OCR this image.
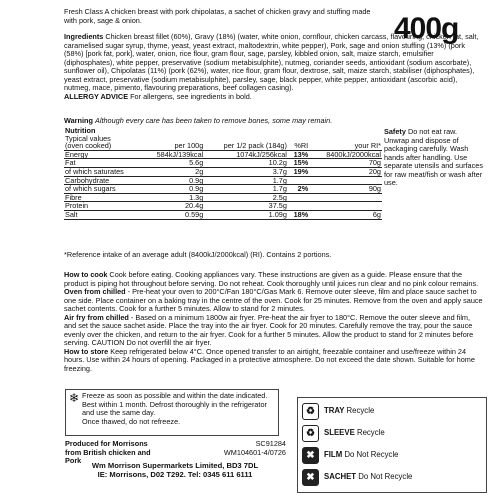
Fresh Class A chicken breast with pork chipolatas, a sachet of chicken gravy and stuffing made with pork, sage & onion.	400g
Ingredients Chicken breast fillet (60%), Gravy (18%) (water, white onion, cornflour, chicken carcass, flavouring, chicken fat, salt, caramelised sugar syrup, thyme, yeast, yeast extract, maltodextrin, white pepper), Pork, sage and onion stuffing (13%) (pork (58%) [pork fat, pork], water, onion, rice flour, gram flour, sage, parsley, kibbled onion, salt, maize starch, emulsifier (diphosphates), white pepper, preservative (sodium metabisulphite), nutmeg, coriander seeds, antioxidant (sodium ascorbate), sunflower oil), Chipolatas (11%) (pork (62%), water, rice flour, gram flour, dextrose, salt, maize starch, stabiliser (diphosphates), yeast extract, preservative (sodium metabisulphite), parsley, sage, black pepper, white pepper, antioxidant (ascorbic acid), nutmeg, mace, pimento, flavouring preparations, beef collagen casing).
ALLERGY ADVICE For allergens, see ingredients in bold.
Warning Although every care has been taken to remove bones, some may remain.
Nutrition				
Typical values				
(oven cooked)	per 100g	per 1/2 pack (184g)	%RI	your RI*
Energy	584kJ/139kcal	1074kJ/256kcal	13%	8400kJ/2000kcal
Fat	5.6g	10.2g	15%	70g
of which saturates	2g	3.7g	19%	20g
Carbohydrate	0.9g	1.7g		
of which sugars	0.9g	1.7g	2%	90g
Fibre	1.3g	2.5g		
Protein	20.4g	37.5g		
Salt	0.59g	1.09g	18%	6g
Safety Do not eat raw. Unwrap and dispose of packaging carefully. Wash hands after handling. Use separate utensils and surfaces for raw meat/fish or wash after use.
*Reference intake of an average adult (8400kJ/2000kcal) (RI). Contains 2 portions.
How to cook Cook before eating. Cooking appliances vary. These instructions are given as a guide. Please ensure that the product is piping hot throughout before serving. Do not reheat. Cook thoroughly until juices run clear and no pink colour remains.
Oven from chilled - Pre-heat your oven to 200°C/Fan 180°C/Gas Mark 6. Remove outer sleeve, film and place sauce sachet to one side. Place container on a baking tray in the centre of the oven. Cook for 25 minutes. Remove from the oven and apply sauce sachet contents. Cook for a further 5 minutes. Allow to stand for 2 minutes.
Air fry from chilled - Based on a minimum 1800w air fryer. Pre-heat the air fryer to 180°C. Remove the outer sleeve and film, and set the sauce sachet aside. Place the tray into the air fryer. Cook for 20 minutes. Carefully remove the tray, pour the sauce evenly over the chicken, and return to the air fryer. Cook for a further 5 minutes. Allow the product to stand for 2 minutes before serving. CAUTION Do not overfill the air fryer.
How to store Keep refrigerated below 4°C. Once opened transfer to an airtight, freezable container and use/freeze within 24 hours. Use within 24 hours of opening. Packaged in a protective atmosphere. Do not exceed the date shown. Suitable for home freezing.
❄ Freeze as soon as possible and within the date indicated. Best within 1 month. Defrost thoroughly in the refrigerator and use the same day.
Once thawed, do not refreeze.
Produced for Morrisons
from British chicken and Pork
SC91284
WM104601-4/0726
Wm Morrison Supermarkets Limited, BD3 7DL
IE: Morrisons, D02 T292. Tel: 0345 611 6111
♻	TRAY Recycle
♻	SLEEVE Recycle
✖	FILM Do Not Recycle
✖	SACHET Do Not Recycle
